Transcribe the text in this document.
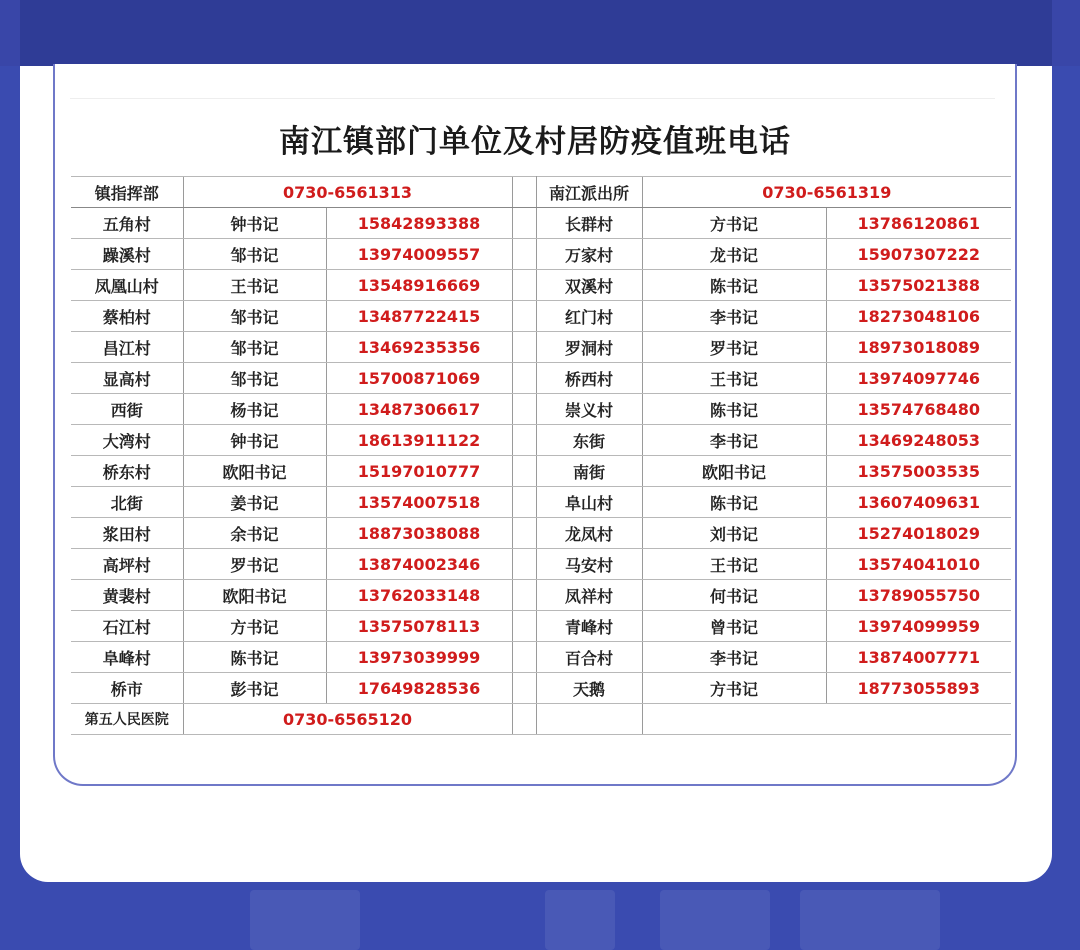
南江镇部门单位及村居防疫值班电话
镇指挥部	0730-6561313			南江派出所	0730-6561319	
五角村	钟书记	15842893388		长群村	方书记	13786120861
躁溪村	邹书记	13974009557		万家村	龙书记	15907307222
凤凰山村	王书记	13548916669		双溪村	陈书记	13575021388
蔡柏村	邹书记	13487722415		红门村	李书记	18273048106
昌江村	邹书记	13469235356		罗洞村	罗书记	18973018089
显高村	邹书记	15700871069		桥西村	王书记	13974097746
西街	杨书记	13487306617		崇义村	陈书记	13574768480
大湾村	钟书记	18613911122		东街	李书记	13469248053
桥东村	欧阳书记	15197010777		南街	欧阳书记	13575003535
北街	姜书记	13574007518		阜山村	陈书记	13607409631
浆田村	余书记	18873038088		龙凤村	刘书记	15274018029
高坪村	罗书记	13874002346		马安村	王书记	13574041010
黄裴村	欧阳书记	13762033148		凤祥村	何书记	13789055750
石江村	方书记	13575078113		青峰村	曾书记	13974099959
阜峰村	陈书记	13973039999		百合村	李书记	13874007771
桥市	彭书记	17649828536		天鹅	方书记	18773055893
第五人民医院	0730-6565120					
